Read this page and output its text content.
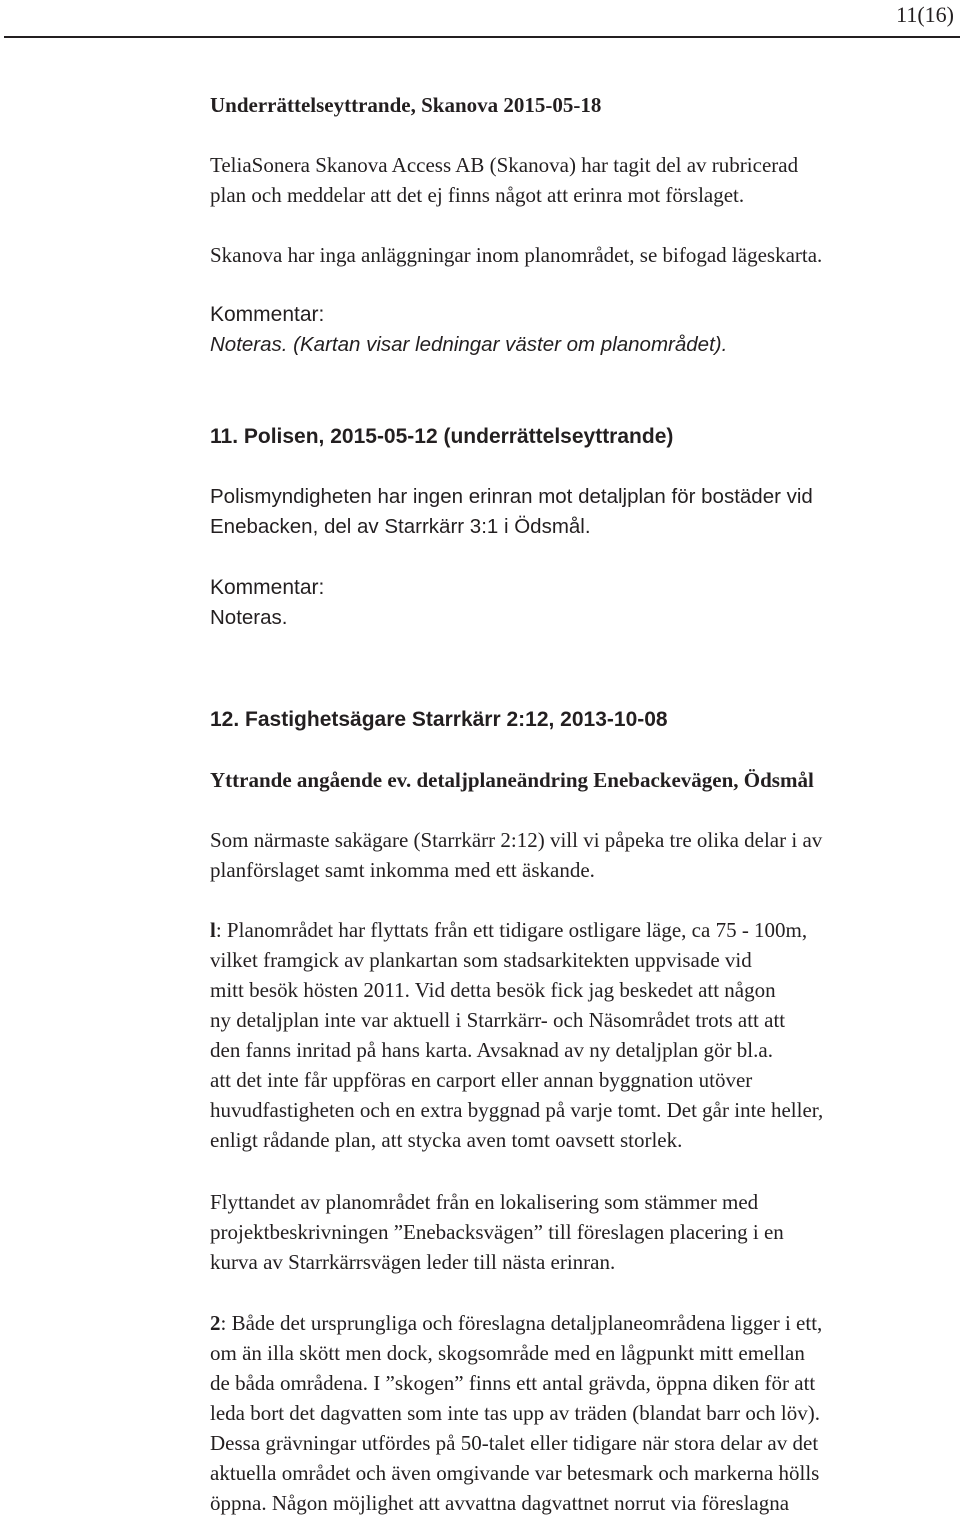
11(16)
Underrättelseyttrande, Skanova 2015-05-18
TeliaSonera Skanova Access AB (Skanova) har tagit del av rubricerad
plan och meddelar att det ej finns något att erinra mot förslaget.
Skanova har inga anläggningar inom planområdet, se bifogad lägeskarta.
Kommentar:
Noteras. (Kartan visar ledningar väster om planområdet).
11. Polisen, 2015-05-12 (underrättelseyttrande)
Polismyndigheten har ingen erinran mot detaljplan för bostäder vid
Enebacken, del av Starrkärr 3:1 i Ödsmål.
Kommentar:
Noteras.
12. Fastighetsägare Starrkärr 2:12, 2013-10-08
Yttrande angående ev. detaljplaneändring Enebackevägen, Ödsmål
Som närmaste sakägare (Starrkärr 2:12) vill vi påpeka tre olika delar i av
planförslaget samt inkomma med ett äskande.
l: Planområdet har flyttats från ett tidigare ostligare läge, ca 75 - 100m,
vilket framgick av plankartan som stadsarkitekten uppvisade vid
mitt besök hösten 2011. Vid detta besök fick jag beskedet att någon
ny detaljplan inte var aktuell i Starrkärr- och Näsområdet trots att att
den fanns inritad på hans karta. Avsaknad av ny detaljplan gör bl.a.
att det inte får uppföras en carport eller annan byggnation utöver
huvudfastigheten och en extra byggnad på varje tomt. Det går inte heller,
enligt rådande plan, att stycka aven tomt oavsett storlek.
Flyttandet av planområdet från en lokalisering som stämmer med
projektbeskrivningen ”Enebacksvägen” till föreslagen placering i en
kurva av Starrkärrsvägen leder till nästa erinran.
2: Både det ursprungliga och föreslagna detaljplaneområdena ligger i ett,
om än illa skött men dock, skogsområde med en lågpunkt mitt emellan
de båda områdena. I ”skogen” finns ett antal grävda, öppna diken för att
leda bort det dagvatten som inte tas upp av träden (blandat barr och löv).
Dessa grävningar utfördes på 50-talet eller tidigare när stora delar av det
aktuella området och även omgivande var betesmark och markerna hölls
öppna. Någon möjlighet att avvattna dagvattnet norrut via föreslagna
